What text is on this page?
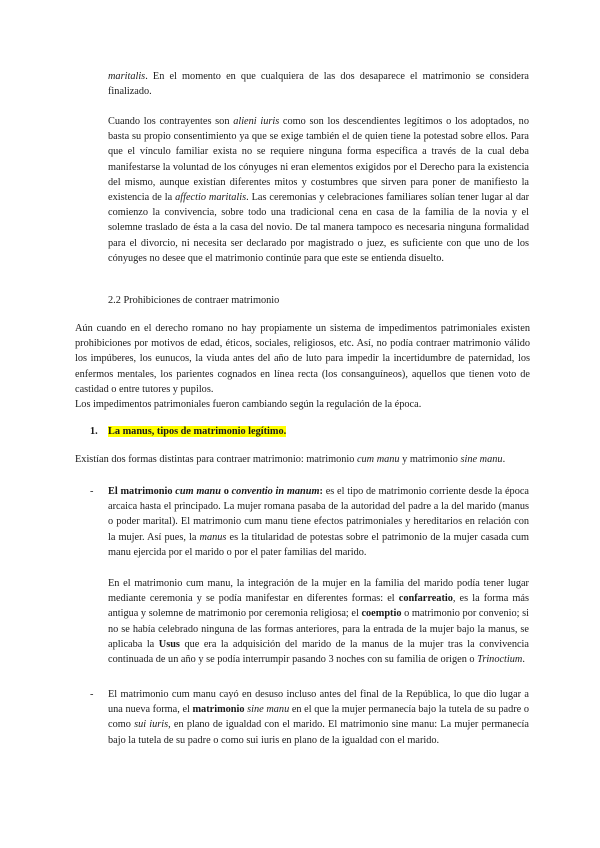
maritalis. En el momento en que cualquiera de las dos desaparece el matrimonio se considera finalizado.

Cuando los contrayentes son alieni iuris como son los descendientes legítimos o los adoptados, no basta su propio consentimiento ya que se exige también el de quien tiene la potestad sobre ellos. Para que el vínculo familiar exista no se requiere ninguna forma específica a través de la cual deba manifestarse la voluntad de los cónyuges ni eran elementos exigidos por el Derecho para la existencia del mismo, aunque existían diferentes mitos y costumbres que sirven para poner de manifiesto la existencia de la affectio maritalis. Las ceremonias y celebraciones familiares solían tener lugar al dar comienzo la convivencia, sobre todo una tradicional cena en casa de la familia de la novia y el solemne traslado de ésta a la casa del novio. De tal manera tampoco es necesaria ninguna formalidad para el divorcio, ni necesita ser declarado por magistrado o juez, es suficiente con que uno de los cónyuges no desee que el matrimonio continúe para que este se entienda disuelto.

2.2 Prohibiciones de contraer matrimonio

Aún cuando en el derecho romano no hay propiamente un sistema de impedimentos patrimoniales existen prohibiciones por motivos de edad, éticos, sociales, religiosos, etc. Así, no podía contraer matrimonio válido los impúberes, los eunucos, la viuda antes del año de luto para impedir la incertidumbre de paternidad, los enfermos mentales, los parientes cognados en línea recta (los consanguíneos), aquellos que tienen voto de castidad o entre tutores y pupilos.
Los impedimentos patrimoniales fueron cambiando según la regulación de la época.

1. La manus, tipos de matrimonio legítimo.

Existían dos formas distintas para contraer matrimonio: matrimonio cum manu y matrimonio sine manu.

- El matrimonio cum manu o conventio in manum: es el tipo de matrimonio corriente desde la época arcaica hasta el principado. La mujer romana pasaba de la autoridad del padre a la del marido (manus o poder marital). El matrimonio cum manu tiene efectos patrimoniales y hereditarios en relación con la mujer. Así pues, la manus es la titularidad de potestas sobre el patrimonio de la mujer casada cum manu ejercida por el marido o por el pater familias del marido.

En el matrimonio cum manu, la integración de la mujer en la familia del marido podía tener lugar mediante ceremonia y se podía manifestar en diferentes formas: el confarreatio, es la forma más antigua y solemne de matrimonio por ceremonia religiosa; el coemptio o matrimonio por convenio; si no se había celebrado ninguna de las formas anteriores, para la entrada de la mujer bajo la manus, se aplicaba la Usus que era la adquisición del marido de la manus de la mujer tras la convivencia continuada de un año y se podía interrumpir pasando 3 noches con su familia de origen o Trinoctium.

- El matrimonio cum manu cayó en desuso incluso antes del final de la República, lo que dio lugar a una nueva forma, el matrimonio sine manu en el que la mujer permanecía bajo la tutela de su padre o como sui iuris, en plano de igualdad con el marido. El matrimonio sine manu: La mujer permanecía bajo la tutela de su padre o como sui iuris en plano de la igualdad con el marido.
